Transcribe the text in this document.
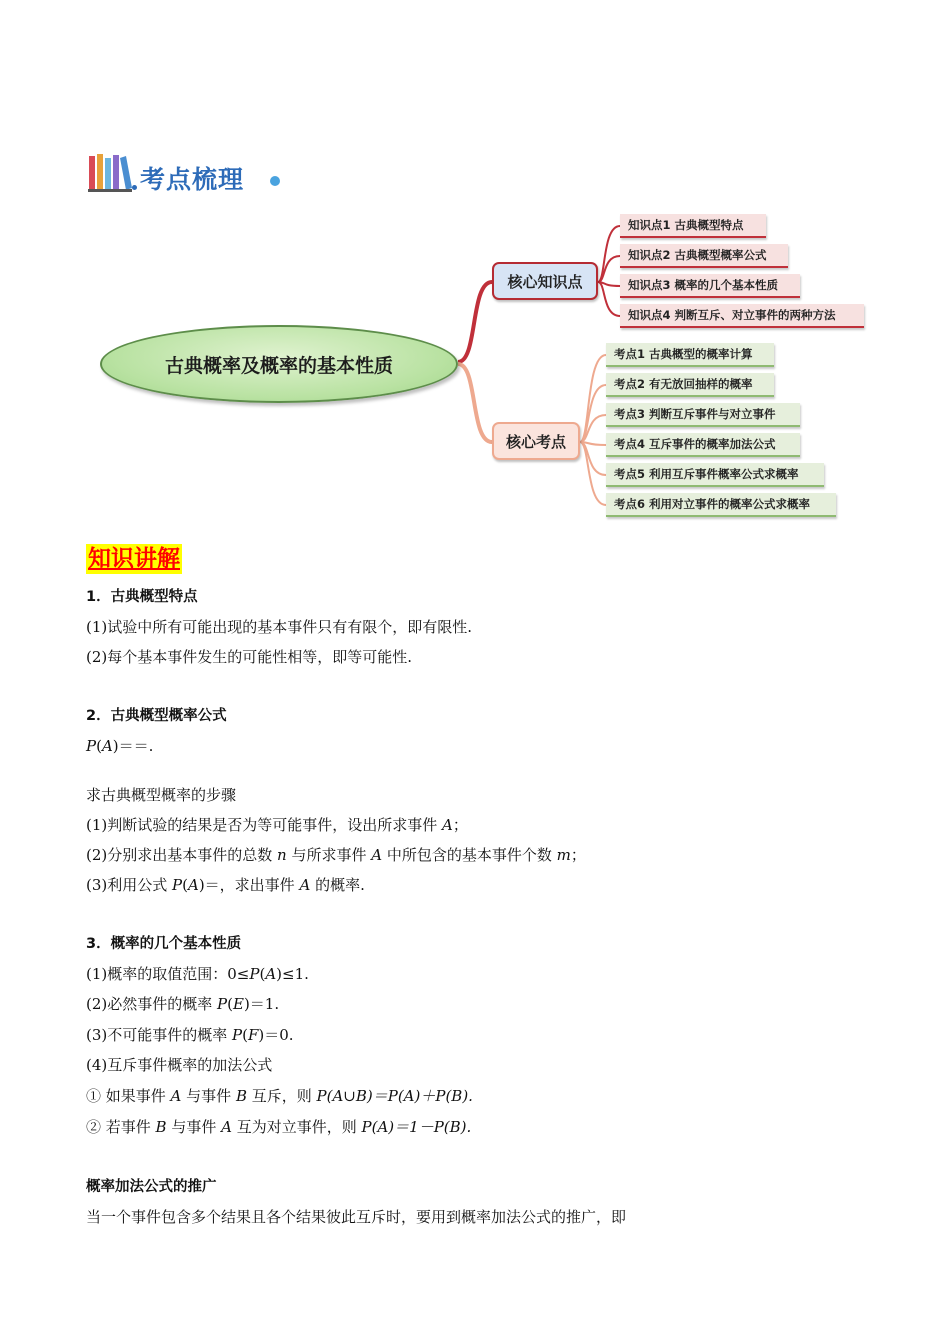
考点梳理
古典概率及概率的基本性质
核心知识点
核心考点
知识点1 古典概型特点
知识点2 古典概型概率公式
知识点3 概率的几个基本性质
知识点4 判断互斥、对立事件的两种方法
考点1 古典概型的概率计算
考点2 有无放回抽样的概率
考点3 判断互斥事件与对立事件
考点4 互斥事件的概率加法公式
考点5 利用互斥事件概率公式求概率
考点6 利用对立事件的概率公式求概率
知识讲解
1．古典概型特点
(1)试验中所有可能出现的基本事件只有有限个，即有限性.
(2)每个基本事件发生的可能性相等，即等可能性.
2．古典概型概率公式
P(A)＝＝.
求古典概型概率的步骤
(1)判断试验的结果是否为等可能事件，设出所求事件 A；
(2)分别求出基本事件的总数 n 与所求事件 A 中所包含的基本事件个数 m；
(3)利用公式 P(A)＝，求出事件 A 的概率.
3．概率的几个基本性质
(1)概率的取值范围：0≤P(A)≤1.
(2)必然事件的概率 P(E)＝1.
(3)不可能事件的概率 P(F)＝0.
(4)互斥事件概率的加法公式
① 如果事件 A 与事件 B 互斥，则 P(A∪B)＝P(A)＋P(B).
② 若事件 B 与事件 A 互为对立事件，则 P(A)＝1－P(B).
概率加法公式的推广
当一个事件包含多个结果且各个结果彼此互斥时，要用到概率加法公式的推广，即
